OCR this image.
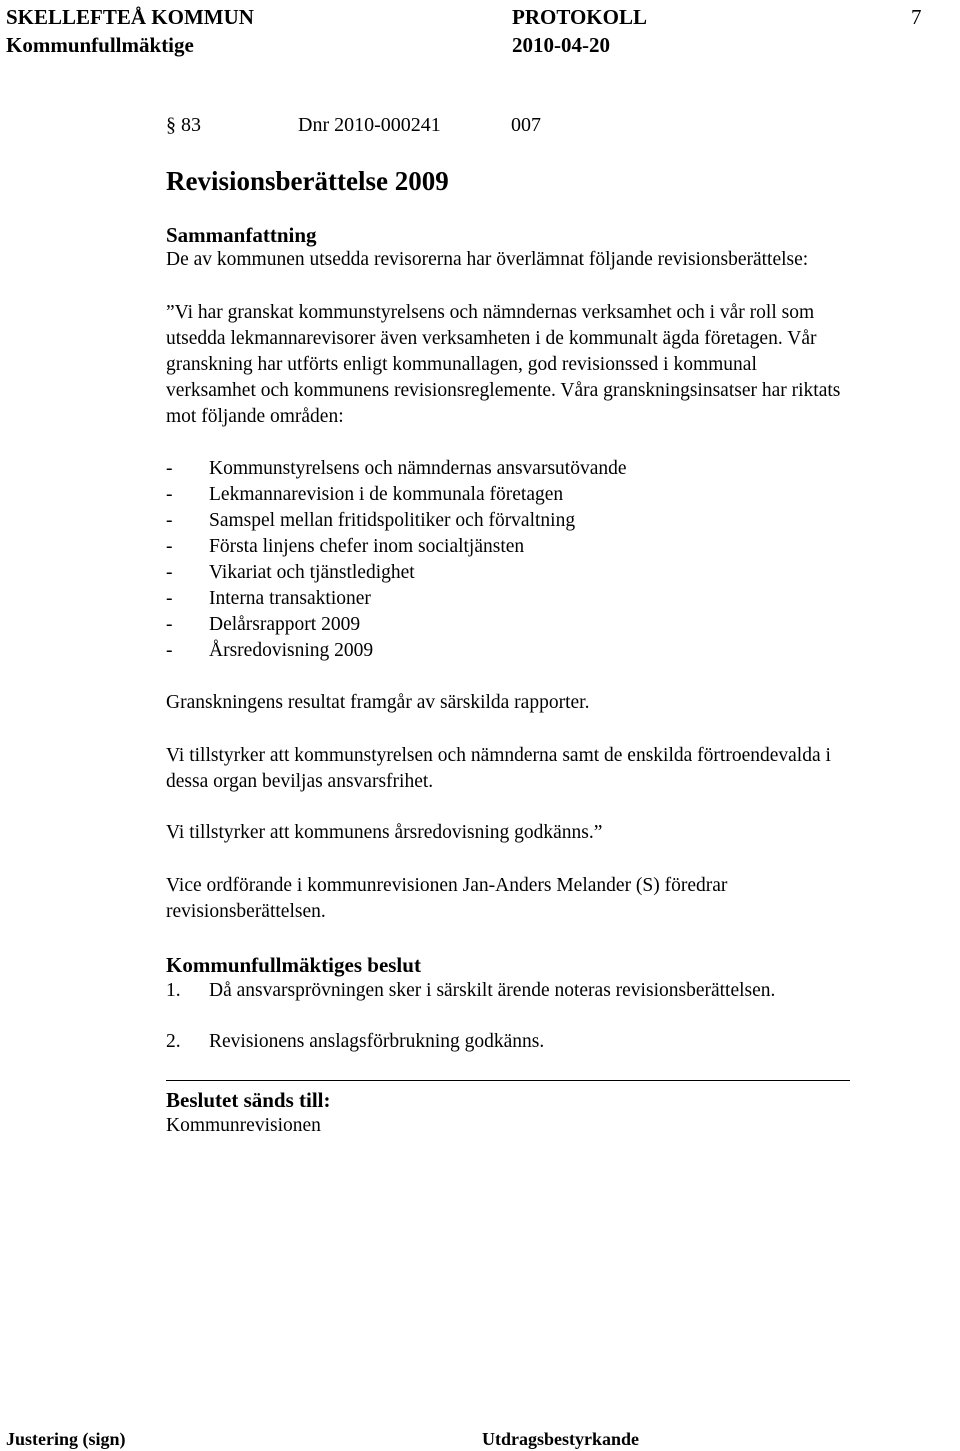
SKELLEFTEÅ KOMMUN
Kommunfullmäktige
PROTOKOLL
2010-04-20
7
§ 83	Dnr 2010-000241	007
Revisionsberättelse 2009
Sammanfattning
De av kommunen utsedda revisorerna har överlämnat följande revisionsberättelse:
”Vi har granskat kommunstyrelsens och nämndernas verksamhet och i vår roll som
utsedda lekmannarevisorer även verksamheten i de kommunalt ägda företagen. Vår
granskning har utförts enligt kommunallagen, god revisionssed i kommunal
verksamhet och kommunens revisionsreglemente. Våra granskningsinsatser har riktats
mot följande områden:
- Kommunstyrelsens och nämndernas ansvarsutövande
- Lekmannarevision i de kommunala företagen
- Samspel mellan fritidspolitiker och förvaltning
- Första linjens chefer inom socialtjänsten
- Vikariat och tjänstledighet
- Interna transaktioner
- Delårsrapport 2009
- Årsredovisning 2009
Granskningens resultat framgår av särskilda rapporter.
Vi tillstyrker att kommunstyrelsen och nämnderna samt de enskilda förtroendevalda i
dessa organ beviljas ansvarsfrihet.
Vi tillstyrker att kommunens årsredovisning godkänns.”
Vice ordförande i kommunrevisionen Jan-Anders Melander (S) föredrar
revisionsberättelsen.
Kommunfullmäktiges beslut
1. Då ansvarsprövningen sker i särskilt ärende noteras revisionsberättelsen.
2. Revisionens anslagsförbrukning godkänns.
Beslutet sänds till:
Kommunrevisionen
Justering (sign)	Utdragsbestyrkande
